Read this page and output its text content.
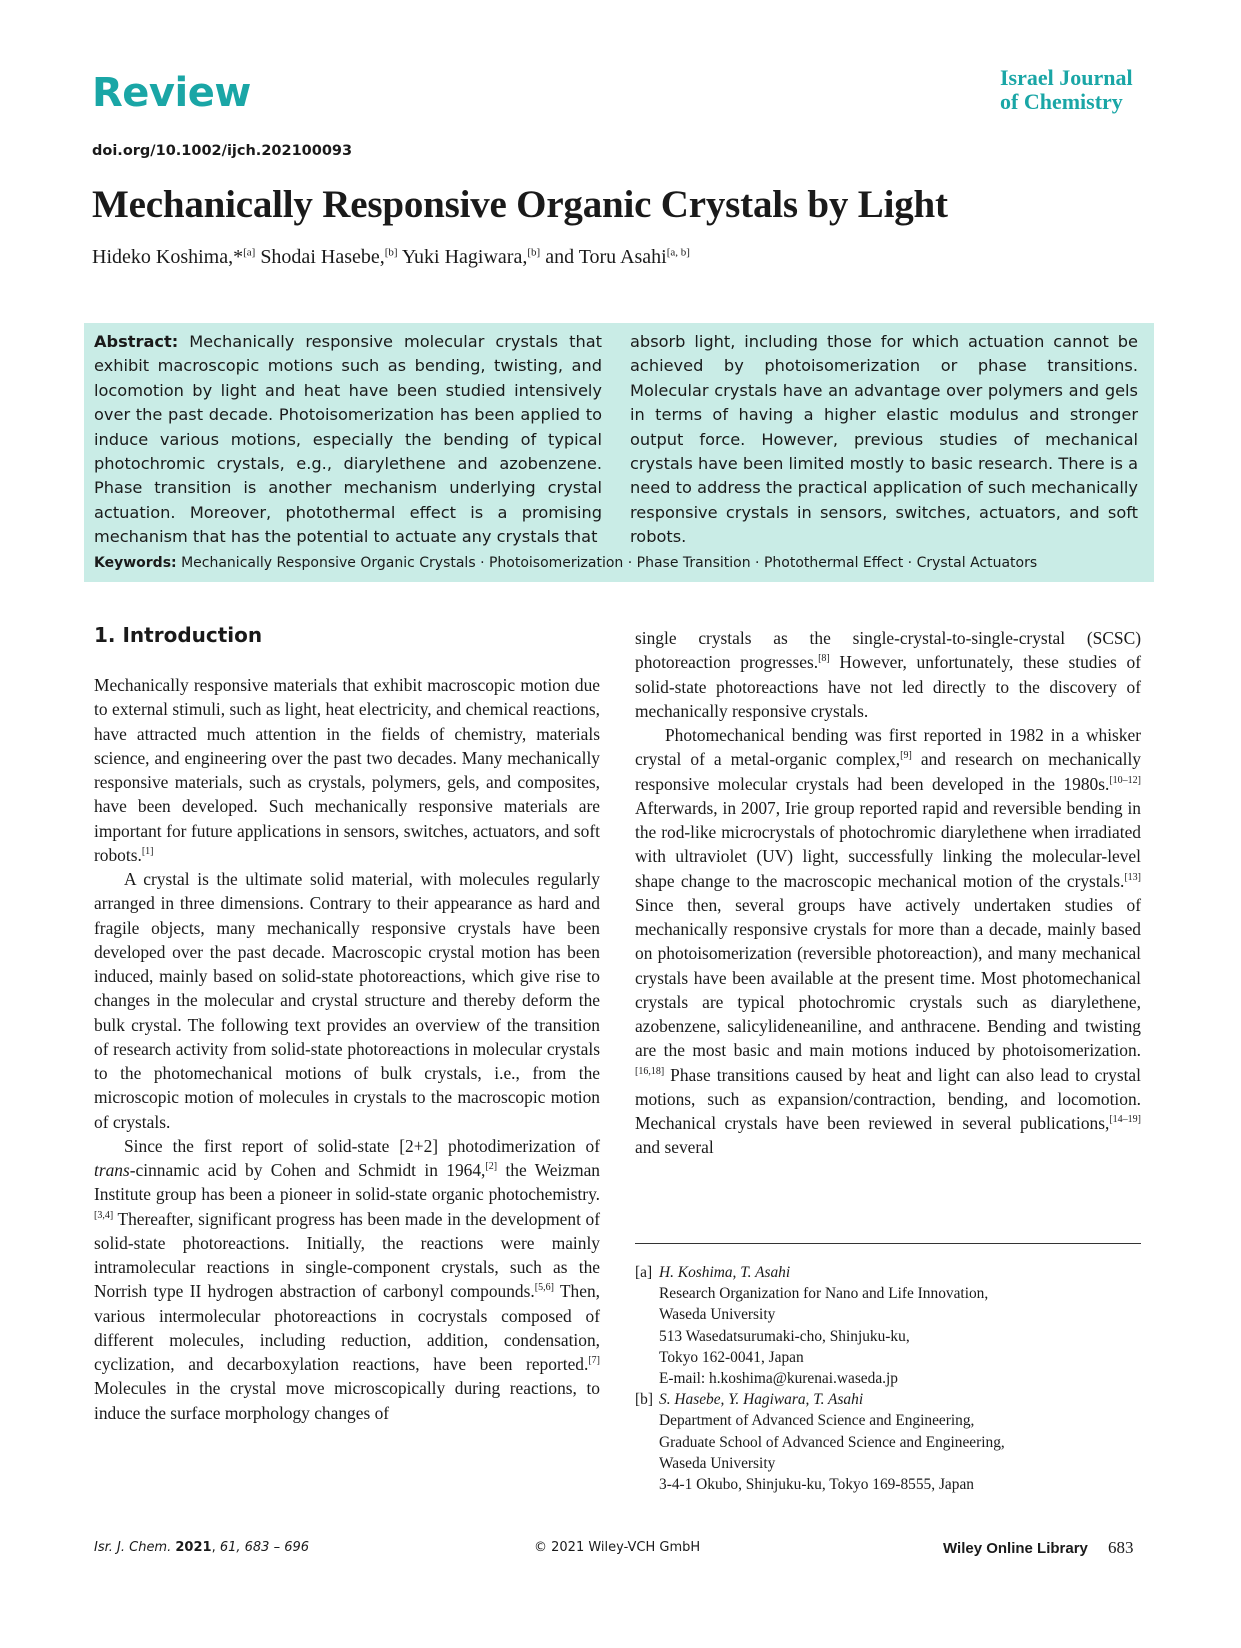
Review	Israel Journal
of Chemistry
doi.org/10.1002/ijch.202100093
Mechanically Responsive Organic Crystals by Light
Hideko Koshima,*[a] Shodai Hasebe,[b] Yuki Hagiwara,[b] and Toru Asahi[a, b]
Abstract: Mechanically responsive molecular crystals that exhibit macroscopic motions such as bending, twisting, and locomotion by light and heat have been studied intensively over the past decade. Photoisomerization has been applied to induce various motions, especially the bending of typical photochromic crystals, e.g., diarylethene and azobenzene. Phase transition is another mechanism underlying crystal actuation. Moreover, photothermal effect is a promising mechanism that has the potential to actuate any crystals that
absorb light, including those for which actuation cannot be achieved by photoisomerization or phase transitions. Molecular crystals have an advantage over polymers and gels in terms of having a higher elastic modulus and stronger output force. However, previous studies of mechanical crystals have been limited mostly to basic research. There is a need to address the practical application of such mechanically responsive crystals in sensors, switches, actuators, and soft robots.
Keywords: Mechanically Responsive Organic Crystals · Photoisomerization · Phase Transition · Photothermal Effect · Crystal Actuators
1. Introduction

Mechanically responsive materials that exhibit macroscopic motion due to external stimuli, such as light, heat electricity, and chemical reactions, have attracted much attention in the fields of chemistry, materials science, and engineering over the past two decades. Many mechanically responsive materials, such as crystals, polymers, gels, and composites, have been developed. Such mechanically responsive materials are important for future applications in sensors, switches, actuators, and soft robots.[1]

A crystal is the ultimate solid material, with molecules regularly arranged in three dimensions. Contrary to their appearance as hard and fragile objects, many mechanically responsive crystals have been developed over the past decade. Macroscopic crystal motion has been induced, mainly based on solid-state photoreactions, which give rise to changes in the molecular and crystal structure and thereby deform the bulk crystal. The following text provides an overview of the transition of research activity from solid-state photoreactions in molecular crystals to the photomechanical motions of bulk crystals, i.e., from the microscopic motion of molecules in crystals to the macroscopic motion of crystals.

Since the first report of solid-state [2+2] photodimerization of trans-cinnamic acid by Cohen and Schmidt in 1964,[2] the Weizman Institute group has been a pioneer in solid-state organic photochemistry.[3,4] Thereafter, significant progress has been made in the development of solid-state photoreactions. Initially, the reactions were mainly intramolecular reactions in single-component crystals, such as the Norrish type II hydrogen abstraction of carbonyl compounds.[5,6] Then, various intermolecular photoreactions in cocrystals composed of different molecules, including reduction, addition, condensation, cyclization, and decarboxylation reactions, have been reported.[7] Molecules in the crystal move microscopically during reactions, to induce the surface morphology changes of

single crystals as the single-crystal-to-single-crystal (SCSC) photoreaction progresses.[8] However, unfortunately, these studies of solid-state photoreactions have not led directly to the discovery of mechanically responsive crystals.

Photomechanical bending was first reported in 1982 in a whisker crystal of a metal-organic complex,[9] and research on mechanically responsive molecular crystals had been developed in the 1980s.[10–12] Afterwards, in 2007, Irie group reported rapid and reversible bending in the rod-like microcrystals of photochromic diarylethene when irradiated with ultraviolet (UV) light, successfully linking the molecular-level shape change to the macroscopic mechanical motion of the crystals.[13] Since then, several groups have actively undertaken studies of mechanically responsive crystals for more than a decade, mainly based on photoisomerization (reversible photoreaction), and many mechanical crystals have been available at the present time. Most photomechanical crystals are typical photochromic crystals such as diarylethene, azobenzene, salicylideneaniline, and anthracene. Bending and twisting are the most basic and main motions induced by photoisomerization.[16,18] Phase transitions caused by heat and light can also lead to crystal motions, such as expansion/contraction, bending, and locomotion. Mechanical crystals have been reviewed in several publications,[14–19] and several

[a] H. Koshima, T. Asahi
Research Organization for Nano and Life Innovation,
Waseda University
513 Wasedatsurumaki-cho, Shinjuku-ku,
Tokyo 162-0041, Japan
E-mail: h.koshima@kurenai.waseda.jp
[b] S. Hasebe, Y. Hagiwara, T. Asahi
Department of Advanced Science and Engineering,
Graduate School of Advanced Science and Engineering,
Waseda University
3-4-1 Okubo, Shinjuku-ku, Tokyo 169-8555, Japan
Isr. J. Chem. 2021, 61, 683 – 696	© 2021 Wiley-VCH GmbH	Wiley Online Library 683
